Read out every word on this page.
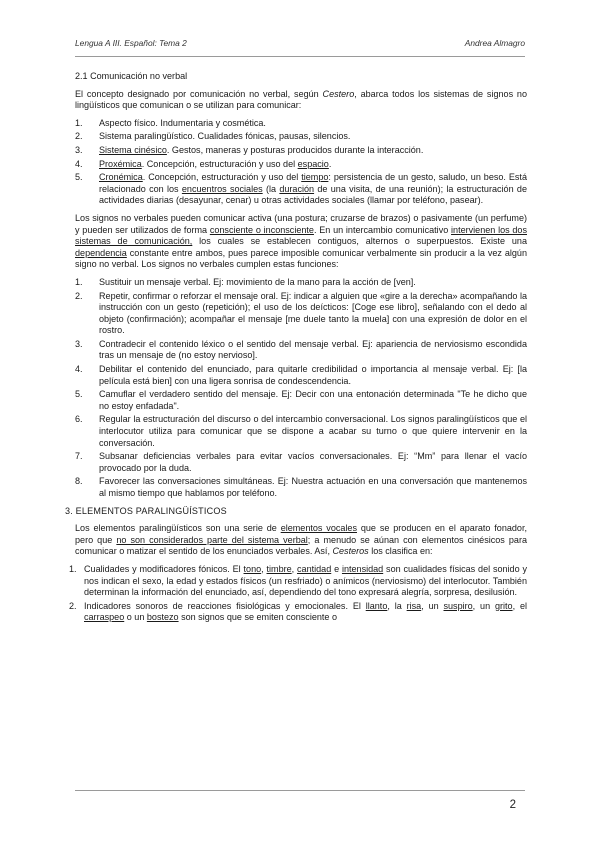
Lengua A III. Español: Tema 2	Andrea Almagro
2.1 Comunicación no verbal

El concepto designado por comunicación no verbal, según Cestero, abarca todos los sistemas de signos no lingüísticos que comunican o se utilizan para comunicar:

1. Aspecto físico. Indumentaria y cosmética.
2. Sistema paralingüístico. Cualidades fónicas, pausas, silencios.
3. Sistema cinésico. Gestos, maneras y posturas producidos durante la interacción.
4. Proxémica. Concepción, estructuración y uso del espacio.
5. Cronémica. Concepción, estructuración y uso del tiempo: persistencia de un gesto, saludo, un beso. Está relacionado con los encuentros sociales (la duración de una visita, de una reunión); la estructuración de actividades diarias (desayunar, cenar) u otras actividades sociales (llamar por teléfono, pasear).

Los signos no verbales pueden comunicar activa (una postura; cruzarse de brazos) o pasivamente (un perfume) y pueden ser utilizados de forma consciente o inconsciente. En un intercambio comunicativo intervienen los dos sistemas de comunicación, los cuales se establecen contiguos, alternos o superpuestos. Existe una dependencia constante entre ambos, pues parece imposible comunicar verbalmente sin producir a la vez algún signo no verbal. Los signos no verbales cumplen estas funciones:

1. Sustituir un mensaje verbal. Ej: movimiento de la mano para la acción de [ven].
2. Repetir, confirmar o reforzar el mensaje oral. Ej: indicar a alguien que «gire a la derecha» acompañando la instrucción con un gesto (repetición); el uso de los deícticos: [Coge ese libro], señalando con el dedo al objeto (confirmación); acompañar el mensaje [me duele tanto la muela] con una expresión de dolor en el rostro.
3. Contradecir el contenido léxico o el sentido del mensaje verbal. Ej: apariencia de nerviosismo escondida tras un mensaje de (no estoy nervioso].
4. Debilitar el contenido del enunciado, para quitarle credibilidad o importancia al mensaje verbal. Ej: [la película está bien] con una ligera sonrisa de condescendencia.
5. Camuflar el verdadero sentido del mensaje. Ej: Decir con una entonación determinada "Te he dicho que no estoy enfadada".
6. Regular la estructuración del discurso o del intercambio conversacional. Los signos paralingüísticos que el interlocutor utiliza para comunicar que se dispone a acabar su turno o que quiere intervenir en la conversación.
7. Subsanar deficiencias verbales para evitar vacíos conversacionales. Ej: “Mm” para llenar el vacío provocado por la duda.
8. Favorecer las conversaciones simultáneas. Ej: Nuestra actuación en una conversación que mantenemos al mismo tiempo que hablamos por teléfono.
3. ELEMENTOS PARALINGÜÍSTICOS

Los elementos paralingüísticos son una serie de elementos vocales que se producen en el aparato fonador, pero que no son considerados parte del sistema verbal; a menudo se aúnan con elementos cinésicos para comunicar o matizar el sentido de los enunciados verbales. Así, Cesteros los clasifica en:

1. Cualidades y modificadores fónicos. El tono, timbre, cantidad e intensidad son cualidades físicas del sonido y nos indican el sexo, la edad y estados físicos (un resfriado) o anímicos (nerviosismo) del interlocutor. También determinan la información del enunciado, así, dependiendo del tono expresará alegría, sorpresa, desilusión.
2. Indicadores sonoros de reacciones fisiológicas y emocionales. El llanto, la risa, un suspiro, un grito, el carraspeo o un bostezo son signos que se emiten consciente o
2
